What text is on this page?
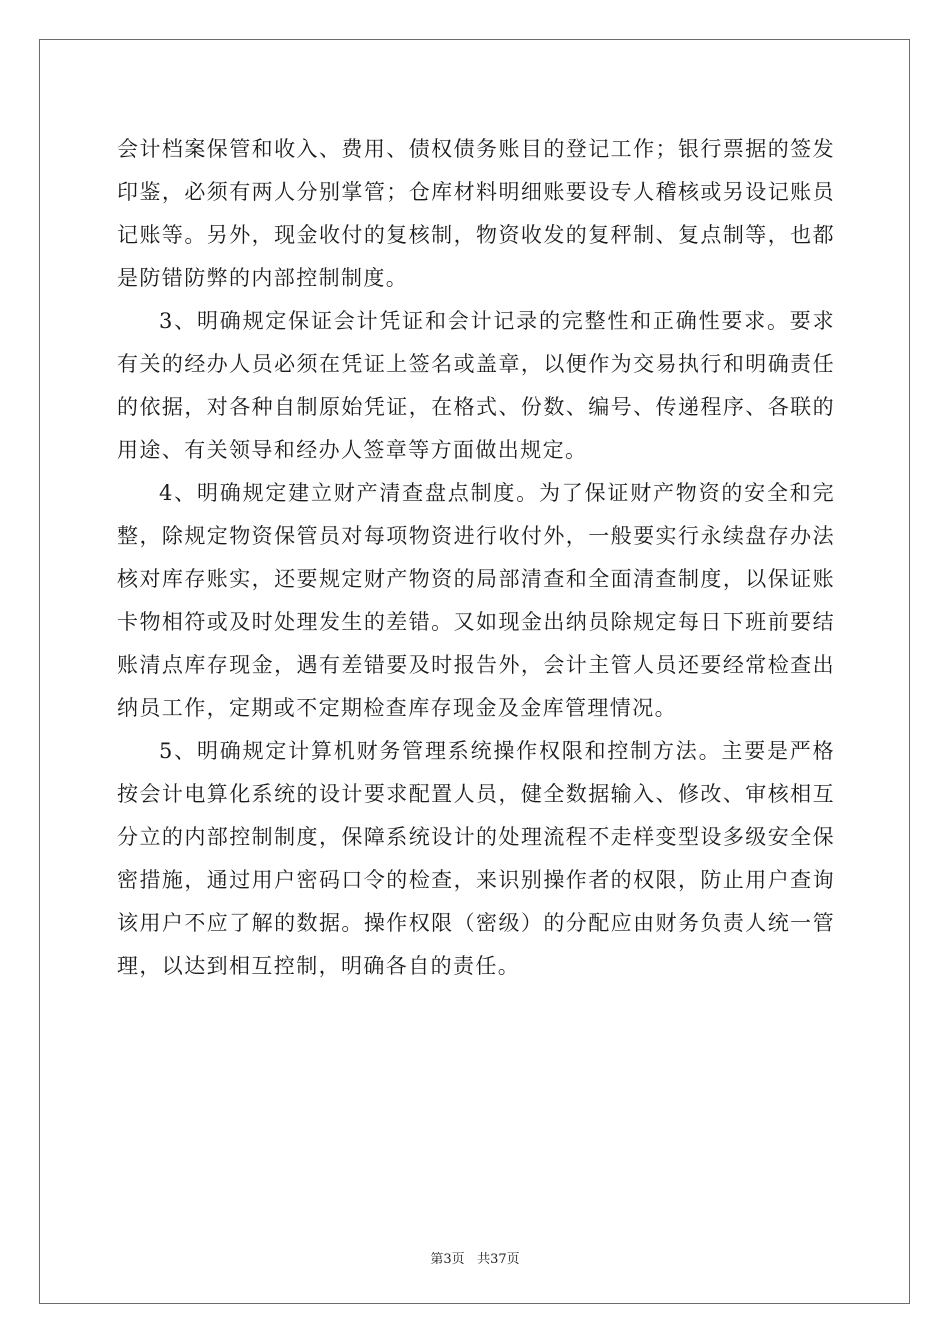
会计档案保管和收入、费用、债权债务账目的登记工作；银行票据的签发印鉴，必须有两人分别掌管；仓库材料明细账要设专人稽核或另设记账员记账等。另外，现金收付的复核制，物资收发的复秤制、复点制等，也都是防错防弊的内部控制制度。

3、明确规定保证会计凭证和会计记录的完整性和正确性要求。要求有关的经办人员必须在凭证上签名或盖章，以便作为交易执行和明确责任的依据，对各种自制原始凭证，在格式、份数、编号、传递程序、各联的用途、有关领导和经办人签章等方面做出规定。

4、明确规定建立财产清查盘点制度。为了保证财产物资的安全和完整，除规定物资保管员对每项物资进行收付外，一般要实行永续盘存办法核对库存账实，还要规定财产物资的局部清查和全面清查制度，以保证账卡物相符或及时处理发生的差错。又如现金出纳员除规定每日下班前要结账清点库存现金，遇有差错要及时报告外，会计主管人员还要经常检查出纳员工作，定期或不定期检查库存现金及金库管理情况。

5、明确规定计算机财务管理系统操作权限和控制方法。主要是严格按会计电算化系统的设计要求配置人员，健全数据输入、修改、审核相互分立的内部控制制度，保障系统设计的处理流程不走样变型设多级安全保密措施，通过用户密码口令的检查，来识别操作者的权限，防止用户查询该用户不应了解的数据。操作权限（密级）的分配应由财务负责人统一管理，以达到相互控制，明确各自的责任。

第3页 共37页
